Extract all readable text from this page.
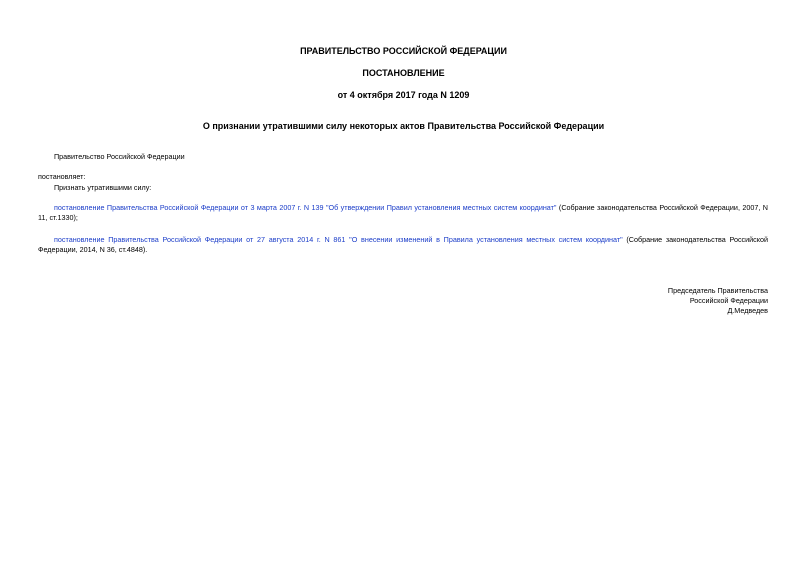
ПРАВИТЕЛЬСТВО РОССИЙСКОЙ ФЕДЕРАЦИИ
ПОСТАНОВЛЕНИЕ
от 4 октября 2017 года N 1209
О признании утратившими силу некоторых актов Правительства Российской Федерации
Правительство Российской Федерации
постановляет:
Признать утратившими силу:
постановление Правительства Российской Федерации от 3 марта 2007 г. N 139 "Об утверждении Правил установления местных систем координат" (Собрание законодательства Российской Федерации, 2007, N 11, ст.1330);
постановление Правительства Российской Федерации от 27 августа 2014 г. N 861 "О внесении изменений в Правила установления местных систем координат" (Собрание законодательства Российской Федерации, 2014, N 36, ст.4848).
Председатель Правительства
Российской Федерации
Д.Медведев
